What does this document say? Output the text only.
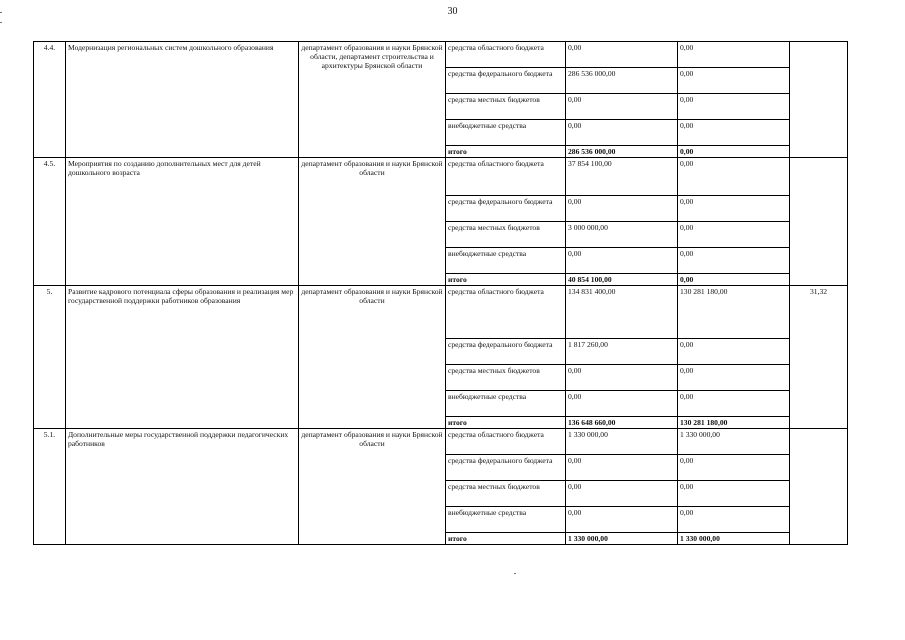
30
4.4.	Модернизация региональных систем дошкольного образования	департамент образования и науки Брянской области, департамент строительства и архитектуры Брянской области	средства областного бюджета	0,00	0,00	
			средства федерального бюджета	286 536 000,00	0,00	
			средства местных бюджетов	0,00	0,00	
			внебюджетные средства	0,00	0,00	
			итого	286 536 000,00	0,00	
4.5.	Мероприятия по созданию дополнительных мест для детей дошкольного возраста	департамент образования и науки Брянской области	средства областного бюджета	37 854 100,00	0,00	
			средства федерального бюджета	0,00	0,00	
			средства местных бюджетов	3 000 000,00	0,00	
			внебюджетные средства	0,00	0,00	
			итого	40 854 100,00	0,00	
5.	Развитие кадрового потенциала сферы образования и реализация мер государственной поддержки работников образования	департамент образования и науки Брянской области	средства областного бюджета	134 831 400,00	130 281 180,00	31,32
			средства федерального бюджета	1 817 260,00	0,00	
			средства местных бюджетов	0,00	0,00	
			внебюджетные средства	0,00	0,00	
			итого	136 648 660,00	130 281 180,00	
5.1.	Дополнительные меры государственной поддержки педагогических работников	департамент образования и науки Брянской области	средства областного бюджета	1 330 000,00	1 330 000,00	
			средства федерального бюджета	0,00	0,00	
			средства местных бюджетов	0,00	0,00	
			внебюджетные средства	0,00	0,00	
			итого	1 330 000,00	1 330 000,00	
